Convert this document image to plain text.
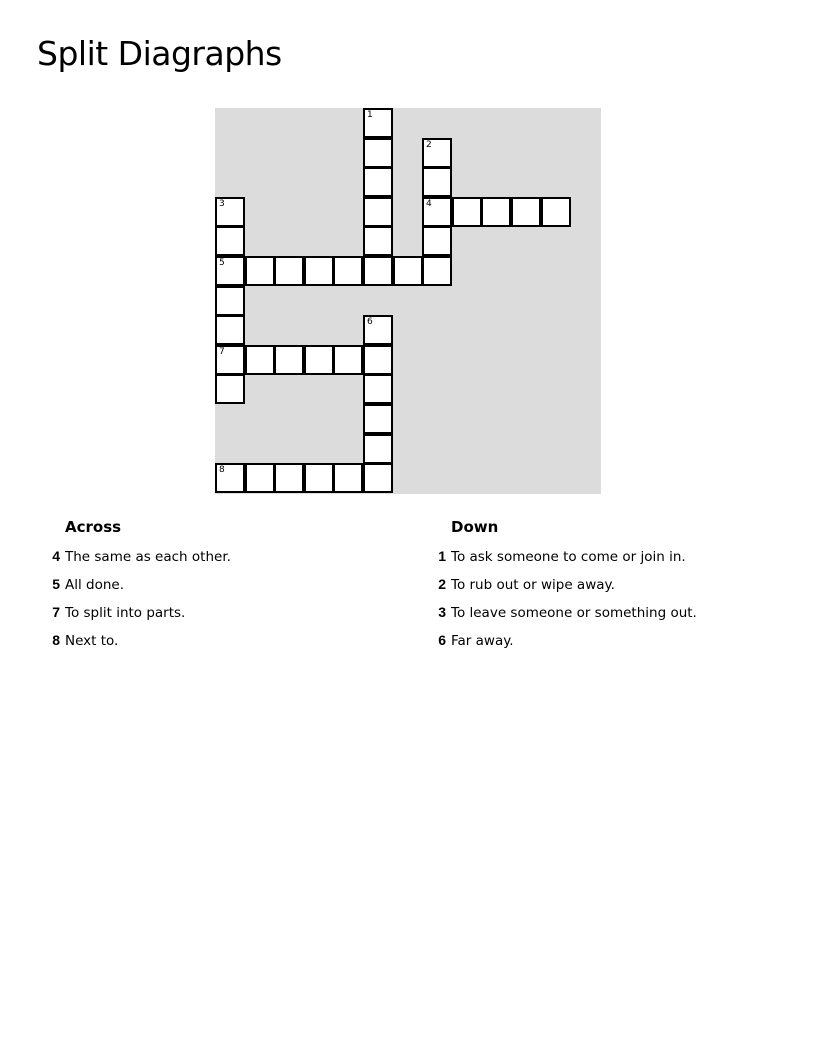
Split Diagraphs
1
2
3	4
5
6
7
8
Across
4 The same as each other.
5 All done.
7 To split into parts.
8 Next to.
Down
1 To ask someone to come or join in.
2 To rub out or wipe away.
3 To leave someone or something out.
6 Far away.
